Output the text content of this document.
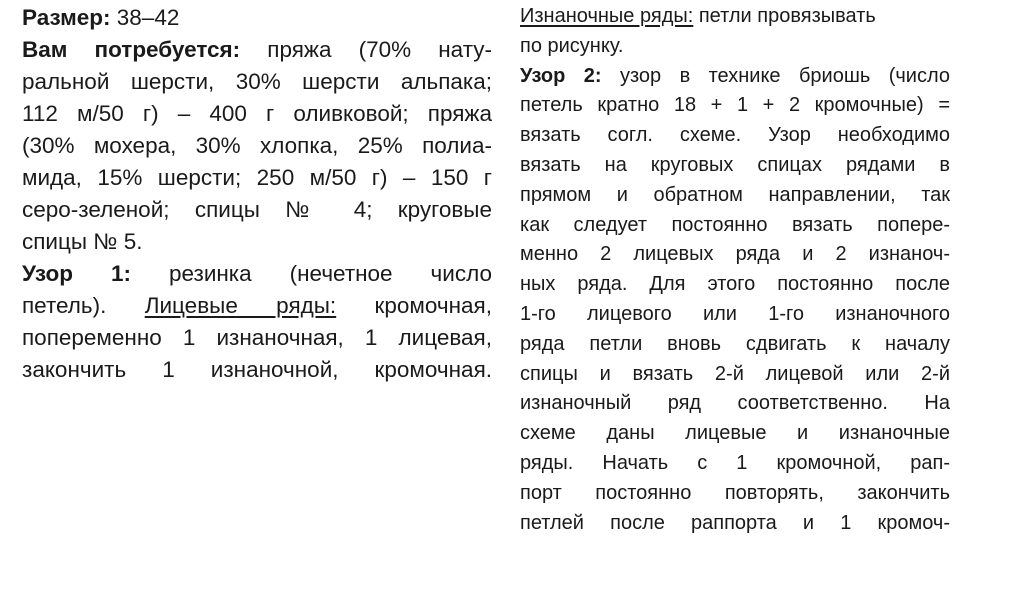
Размер: 38–42
Вам потребуется: пряжа (70% нату-
ральной шерсти, 30% шерсти альпака;
112 м/50 г) – 400 г оливковой; пряжа
(30% мохера, 30% хлопка, 25% полиа-
мида, 15% шерсти; 250 м/50 г) – 150 г
серо-зеленой; спицы № 4; круговые
спицы № 5.
Узор 1: резинка (нечетное число
петель). Лицевые ряды: кромочная,
попеременно 1 изнаночная, 1 лицевая,
закончить 1 изнаночной, кромочная.
Изнаночные ряды: петли провязывать
по рисунку.
Узор 2: узор в технике бриошь (число
петель кратно 18 + 1 + 2 кромочные) =
вязать согл. схеме. Узор необходимо
вязать на круговых спицах рядами в
прямом и обратном направлении, так
как следует постоянно вязать попере-
менно 2 лицевых ряда и 2 изнаноч-
ных ряда. Для этого постоянно после
1-го лицевого или 1-го изнаночного
ряда петли вновь сдвигать к началу
спицы и вязать 2-й лицевой или 2-й
изнаночный ряд соответственно. На
схеме даны лицевые и изнаночные
ряды. Начать с 1 кромочной, рап-
порт постоянно повторять, закончить
петлей после раппорта и 1 кромоч-
